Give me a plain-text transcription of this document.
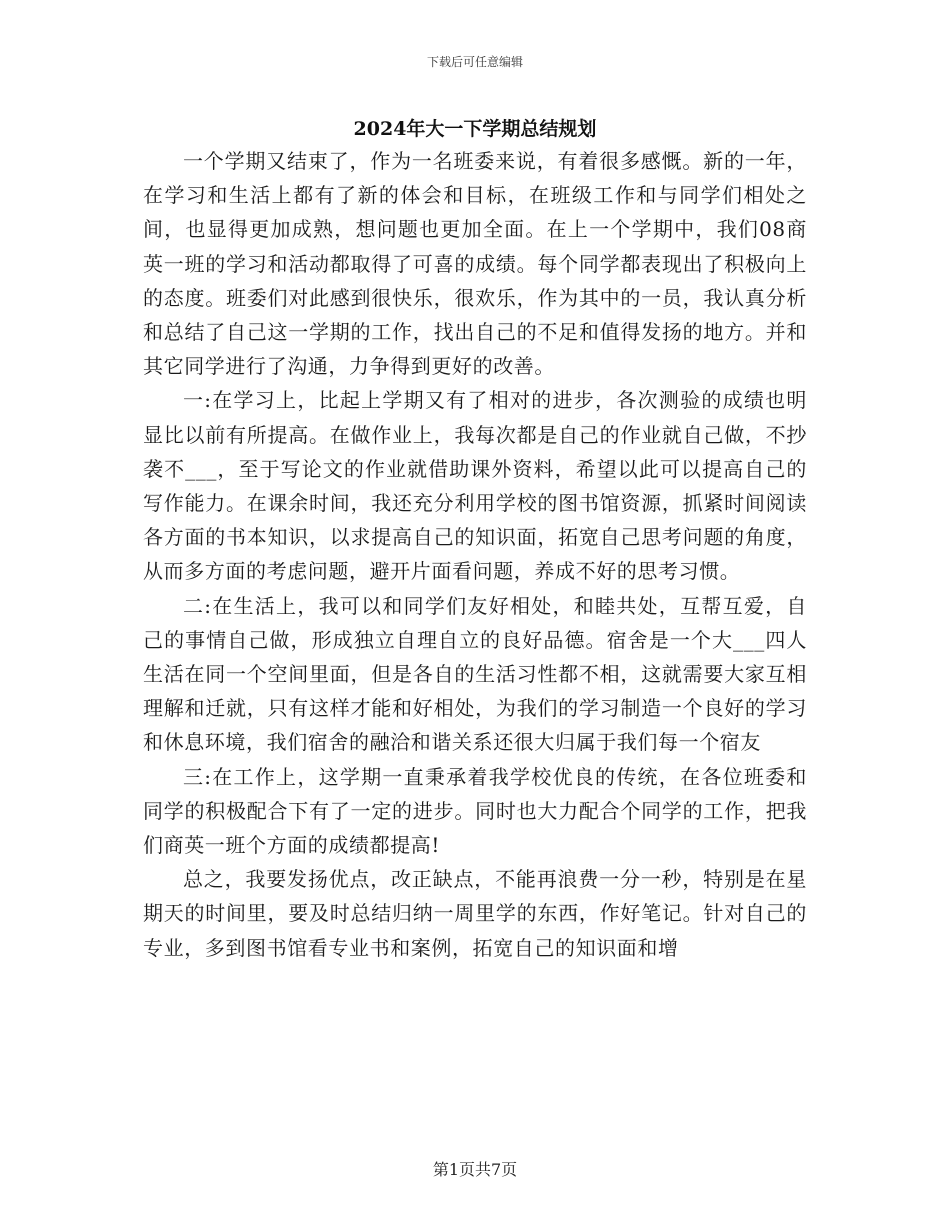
下载后可任意编辑
2024年大一下学期总结规划

一个学期又结束了，作为一名班委来说，有着很多感慨。新的一年，在学习和生活上都有了新的体会和目标，在班级工作和与同学们相处之间，也显得更加成熟，想问题也更加全面。在上一个学期中，我们08商英一班的学习和活动都取得了可喜的成绩。每个同学都表现出了积极向上的态度。班委们对此感到很快乐，很欢乐，作为其中的一员，我认真分析和总结了自己这一学期的工作，找出自己的不足和值得发扬的地方。并和其它同学进行了沟通，力争得到更好的改善。

一:在学习上，比起上学期又有了相对的进步，各次测验的成绩也明显比以前有所提高。在做作业上，我每次都是自己的作业就自己做，不抄袭不___，至于写论文的作业就借助课外资料，希望以此可以提高自己的写作能力。在课余时间，我还充分利用学校的图书馆资源，抓紧时间阅读各方面的书本知识，以求提高自己的知识面，拓宽自己思考问题的角度，从而多方面的考虑问题，避开片面看问题，养成不好的思考习惯。

二:在生活上，我可以和同学们友好相处，和睦共处，互帮互爱，自己的事情自己做，形成独立自理自立的良好品德。宿舍是一个大___四人生活在同一个空间里面，但是各自的生活习性都不相，这就需要大家互相理解和迁就，只有这样才能和好相处，为我们的学习制造一个良好的学习和休息环境，我们宿舍的融洽和谐关系还很大归属于我们每一个宿友

三:在工作上，这学期一直秉承着我学校优良的传统，在各位班委和同学的积极配合下有了一定的进步。同时也大力配合个同学的工作，把我们商英一班个方面的成绩都提高!

总之，我要发扬优点，改正缺点，不能再浪费一分一秒，特别是在星期天的时间里，要及时总结归纳一周里学的东西，作好笔记。针对自己的专业，多到图书馆看专业书和案例，拓宽自己的知识面和增

第1页共7页
